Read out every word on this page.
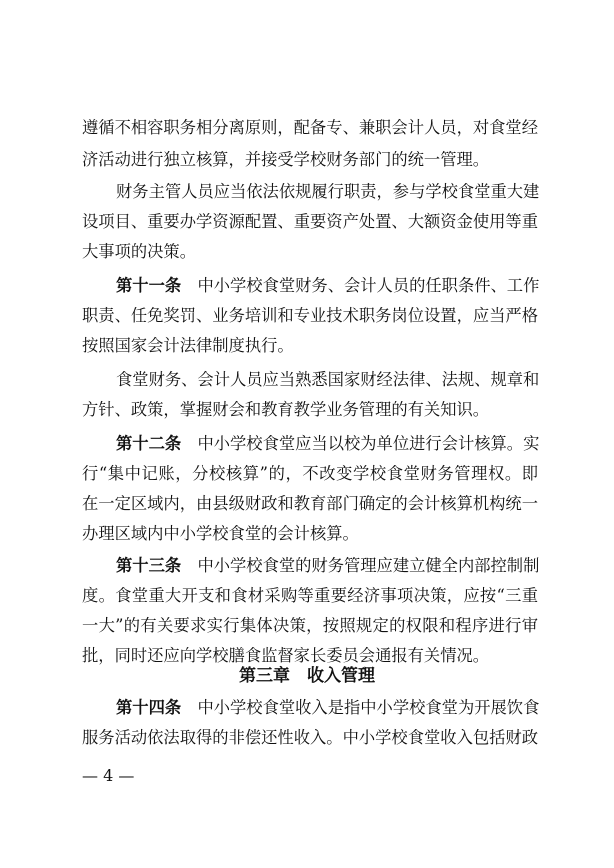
遵循不相容职务相分离原则，配备专、兼职会计人员，对食堂经
济活动进行独立核算，并接受学校财务部门的统一管理。
财务主管人员应当依法依规履行职责，参与学校食堂重大建
设项目、重要办学资源配置、重要资产处置、大额资金使用等重
大事项的决策。
第十一条　 中小学校食堂财务、会计人员的任职条件、工作
职责、任免奖罚、业务培训和专业技术职务岗位设置，应当严格
按照国家会计法律制度执行。
食堂财务、会计人员应当熟悉国家财经法律、法规、规章和
方针、政策，掌握财会和教育教学业务管理的有关知识。
第十二条　 中小学校食堂应当以校为单位进行会计核算。实
行“集中记账，分校核算”的，不改变学校食堂财务管理权。即
在一定区域内，由县级财政和教育部门确定的会计核算机构统一
办理区域内中小学校食堂的会计核算。
第十三条　 中小学校食堂的财务管理应建立健全内部控制制
度。食堂重大开支和食材采购等重要经济事项决策，应按“三重
一大”的有关要求实行集体决策，按照规定的权限和程序进行审
批，同时还应向学校膳食监督家长委员会通报有关情况。
第三章　收入管理
第十四条　 中小学校食堂收入是指中小学校食堂为开展饮食
服务活动依法取得的非偿还性收入。中小学校食堂收入包括财政
— 4 —
